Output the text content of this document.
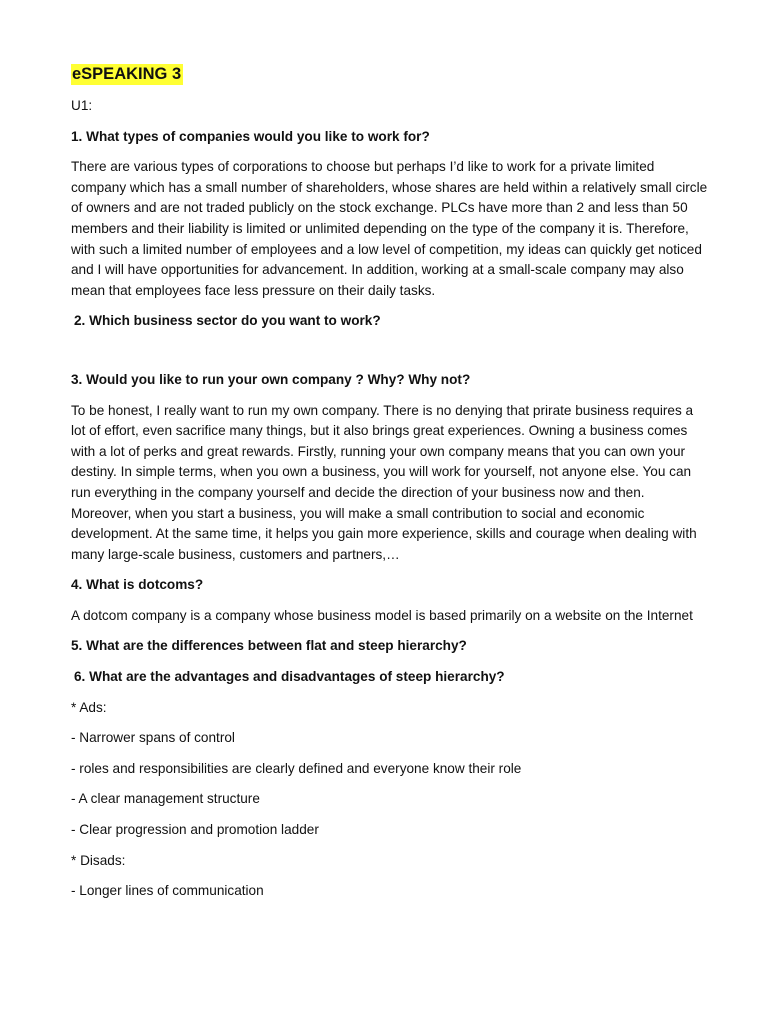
eSPEAKING 3
U1:
1. What types of companies would you like to work for?
There are various types of corporations to choose but perhaps I’d like to work for a private limited
company which has a small number of shareholders, whose shares are held within a relatively small circle
of owners and are not traded publicly on the stock exchange. PLCs have more than 2 and less than 50
members and their liability is limited or unlimited depending on the type of the company it is. Therefore,
with such a limited number of employees and a low level of competition, my ideas can quickly get noticed
and I will have opportunities for advancement. In addition, working at a small-scale company may also
mean that employees face less pressure on their daily tasks.
2. Which business sector do you want to work?
3. Would you like to run your own company ? Why? Why not?
To be honest, I really want to run my own company. There is no denying that prirate business requires a
lot of effort, even sacrifice many things, but it also brings great experiences. Owning a business comes
with a lot of perks and great rewards. Firstly, running your own company means that you can own your
destiny. In simple terms, when you own a business, you will work for yourself, not anyone else. You can
run everything in the company yourself and decide the direction of your business now and then.
Moreover, when you start a business, you will make a small contribution to social and economic
development. At the same time, it helps you gain more experience, skills and courage when dealing with
many large-scale business, customers and partners,…
4. What is dotcoms?
A dotcom company is a company whose business model is based primarily on a website on the Internet
5. What are the differences between flat and steep hierarchy?
6. What are the advantages and disadvantages of steep hierarchy?
* Ads:
- Narrower spans of control
- roles and responsibilities are clearly defined and everyone know their role
- A clear management structure
- Clear progression and promotion ladder
* Disads:
- Longer lines of communication
